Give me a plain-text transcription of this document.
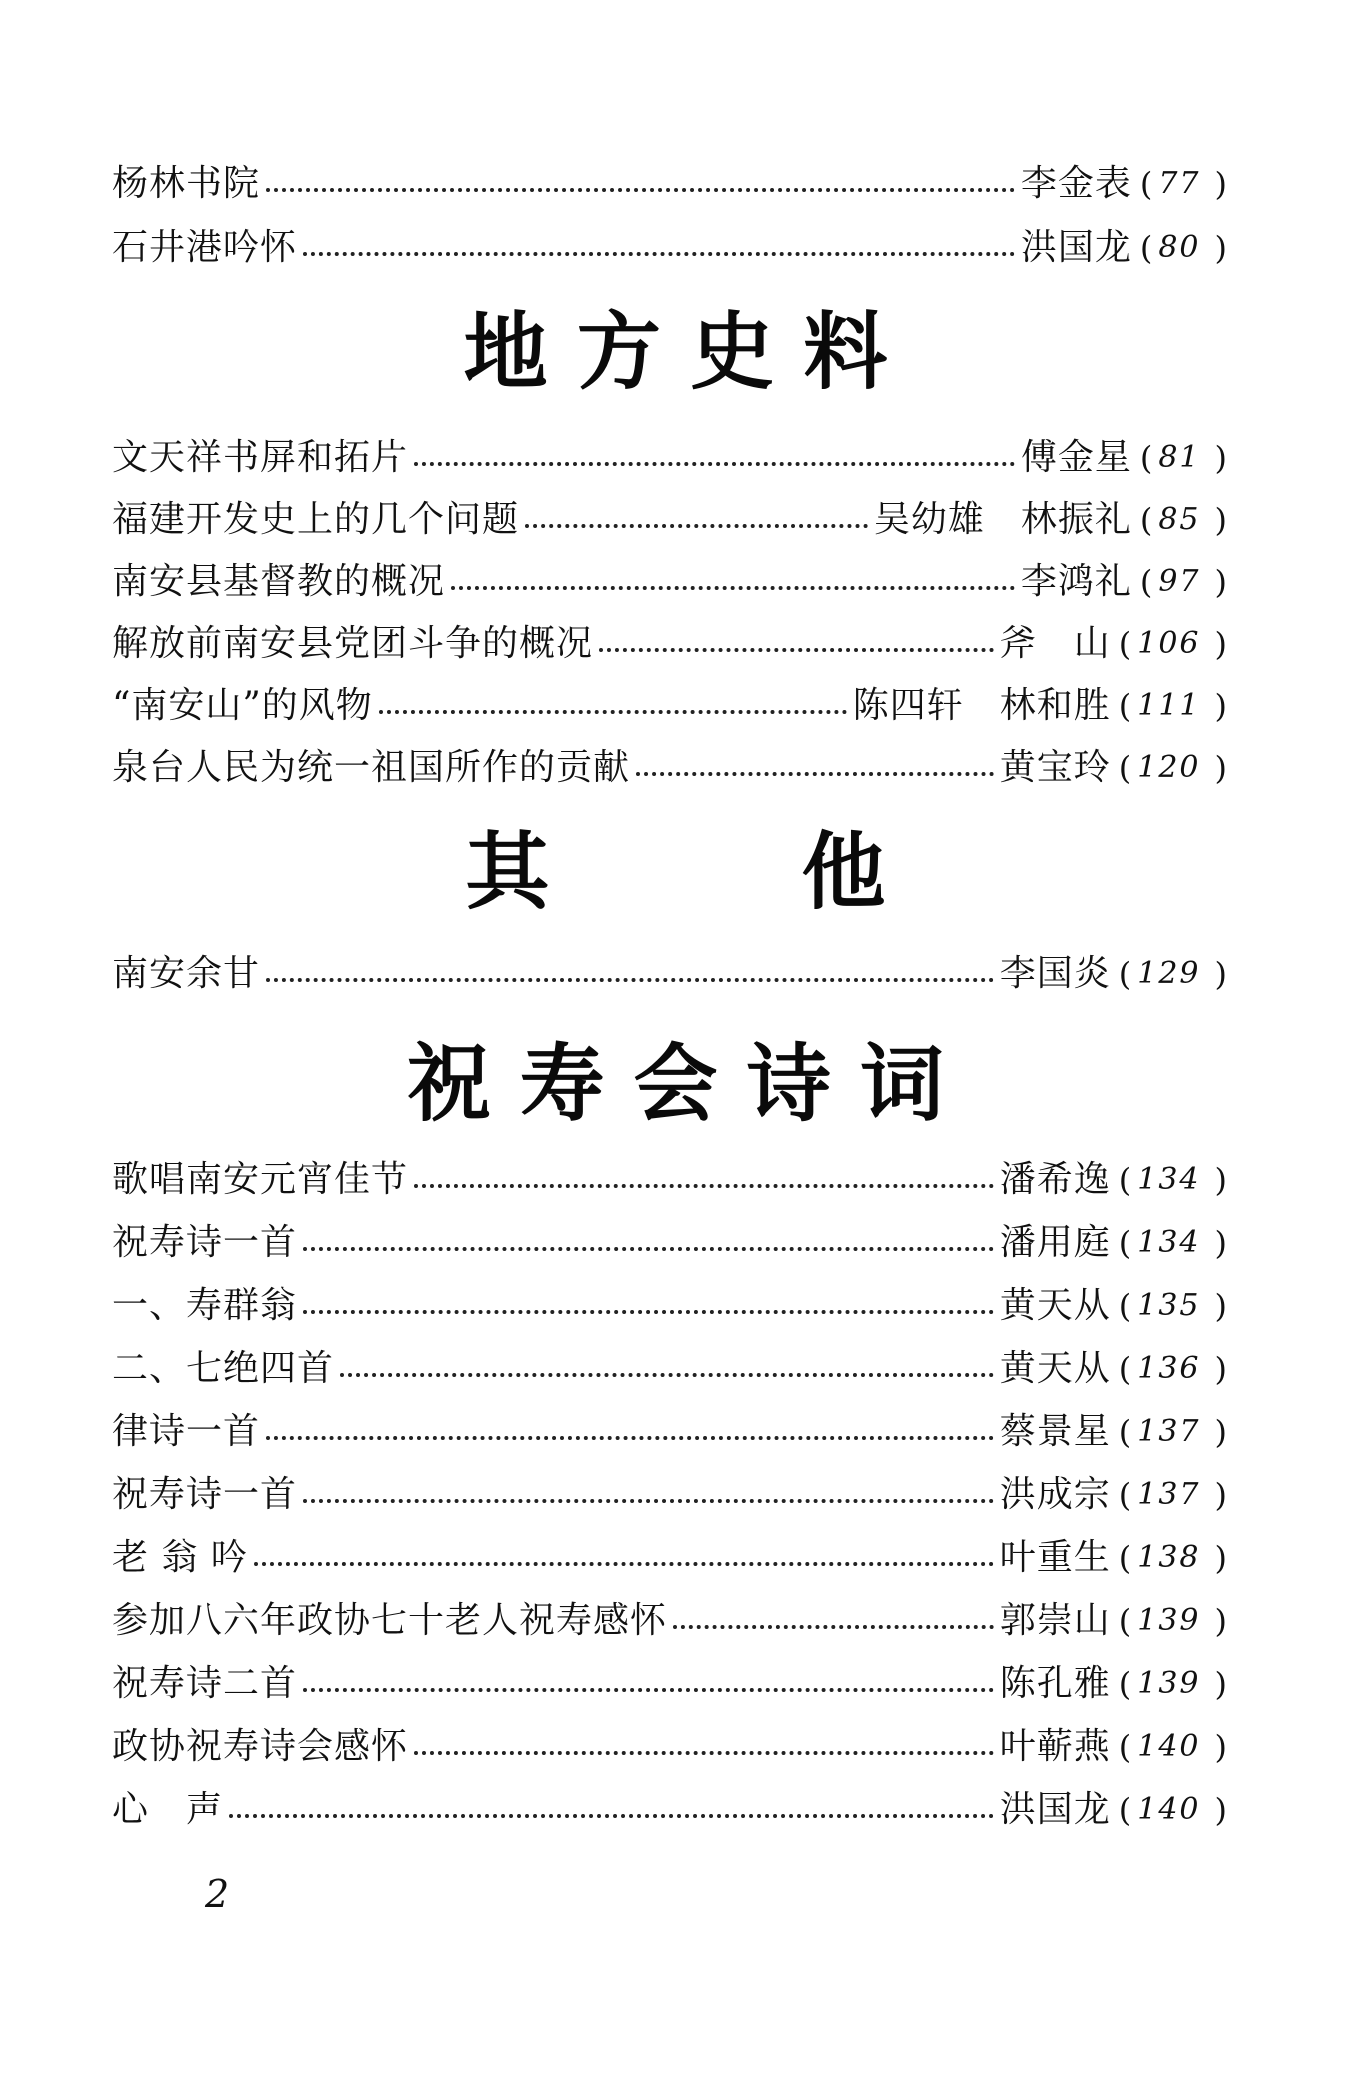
杨林书院	李金表 ( 77 )
石井港吟怀	洪国龙 ( 80 )
地 方 史 料
文天祥书屏和拓片	傅金星 ( 81 )
福建开发史上的几个问题	吴幼雄 林振礼 ( 85 )
南安县基督教的概况	李鸿礼 ( 97 )
解放前南安县党团斗争的概况	斧　山 ( 106 )
“南安山”的风物	陈四轩 林和胜 ( 111 )
泉台人民为统一祖国所作的贡献	黄宝玲 ( 120 )
其　　　他
南安余甘	李国炎 ( 129 )
祝 寿 会 诗 词
歌唱南安元宵佳节	潘希逸 ( 134 )
祝寿诗一首	潘用庭 ( 134 )
一、寿群翁	黄天从 ( 135 )
二、七绝四首	黄天从 ( 136 )
律诗一首	蔡景星 ( 137 )
祝寿诗一首	洪成宗 ( 137 )
老 翁 吟	叶重生 ( 138 )
参加八六年政协七十老人祝寿感怀	郭崇山 ( 139 )
祝寿诗二首	陈孔雅 ( 139 )
政协祝寿诗会感怀	叶蕲燕 ( 140 )
心　声	洪国龙 ( 140 )
2
